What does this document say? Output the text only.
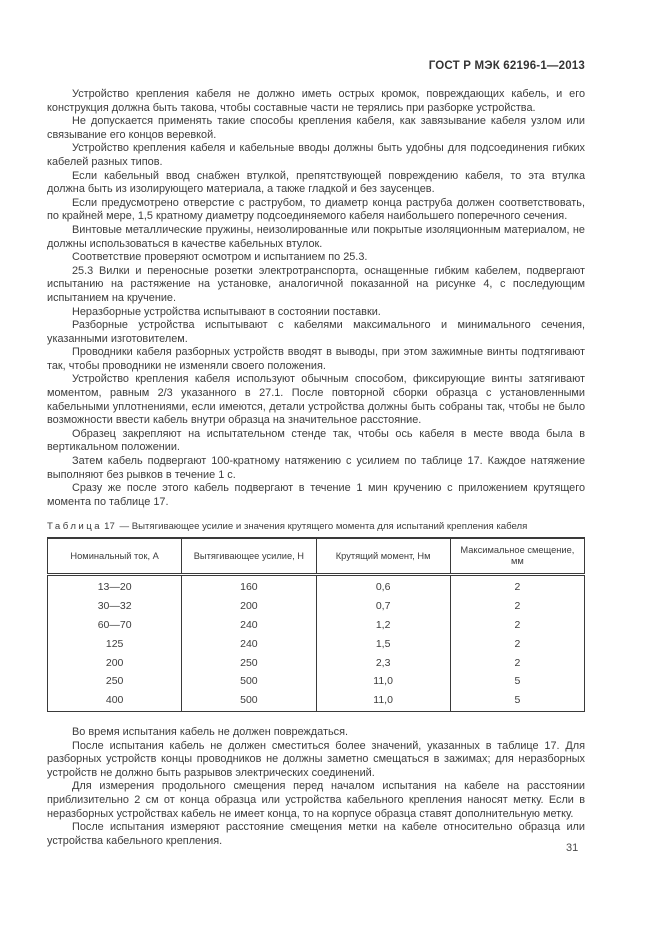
ГОСТ Р МЭК 62196-1—2013

Устройство крепления кабеля не должно иметь острых кромок, повреждающих кабель, и его конструкция должна быть такова, чтобы составные части не терялись при разборке устройства.

Не допускается применять такие способы крепления кабеля, как завязывание кабеля узлом или связывание его концов веревкой.

Устройство крепления кабеля и кабельные вводы должны быть удобны для подсоединения гибких кабелей разных типов.

Если кабельный ввод снабжен втулкой, препятствующей повреждению кабеля, то эта втулка должна быть из изолирующего материала, а также гладкой и без заусенцев.

Если предусмотрено отверстие с раструбом, то диаметр конца раструба должен соответствовать, по крайней мере, 1,5 кратному диаметру подсоединяемого кабеля наибольшего поперечного сечения.

Винтовые металлические пружины, неизолированные или покрытые изоляционным материалом, не должны использоваться в качестве кабельных втулок.

Соответствие проверяют осмотром и испытанием по 25.3.

25.3 Вилки и переносные розетки электротранспорта, оснащенные гибким кабелем, подвергают испытанию на растяжение на установке, аналогичной показанной на рисунке 4, с последующим испытанием на кручение.

Неразборные устройства испытывают в состоянии поставки.

Разборные устройства испытывают с кабелями максимального и минимального сечения, указанными изготовителем.

Проводники кабеля разборных устройств вводят в выводы, при этом зажимные винты подтягивают так, чтобы проводники не изменяли своего положения.

Устройство крепления кабеля используют обычным способом, фиксирующие винты затягивают моментом, равным 2/3 указанного в 27.1. После повторной сборки образца с установленными кабельными уплотнениями, если имеются, детали устройства должны быть собраны так, чтобы не было возможности ввести кабель внутри образца на значительное расстояние.

Образец закрепляют на испытательном стенде так, чтобы ось кабеля в месте ввода была в вертикальном положении.

Затем кабель подвергают 100-кратному натяжению с усилием по таблице 17. Каждое натяжение выполняют без рывков в течение 1 с.

Сразу же после этого кабель подвергают в течение 1 мин кручению с приложением крутящего момента по таблице 17.

Таблица 17 — Вытягивающее усилие и значения крутящего момента для испытаний крепления кабеля
Номинальный ток, А	Вытягивающее усилие, Н	Крутящий момент, Нм	Максимальное смещение, мм
13—20	160	0,6	2
30—32	200	0,7	2
60—70	240	1,2	2
125	240	1,5	2
200	250	2,3	2
250	500	11,0	5
400	500	11,0	5

Во время испытания кабель не должен повреждаться.

После испытания кабель не должен сместиться более значений, указанных в таблице 17. Для разборных устройств концы проводников не должны заметно смещаться в зажимах; для неразборных устройств не должно быть разрывов электрических соединений.

Для измерения продольного смещения перед началом испытания на кабеле на расстоянии приблизительно 2 см от конца образца или устройства кабельного крепления наносят метку. Если в неразборных устройствах кабель не имеет конца, то на корпусе образца ставят дополнительную метку.

После испытания измеряют расстояние смещения метки на кабеле относительно образца или устройства кабельного крепления.

31
